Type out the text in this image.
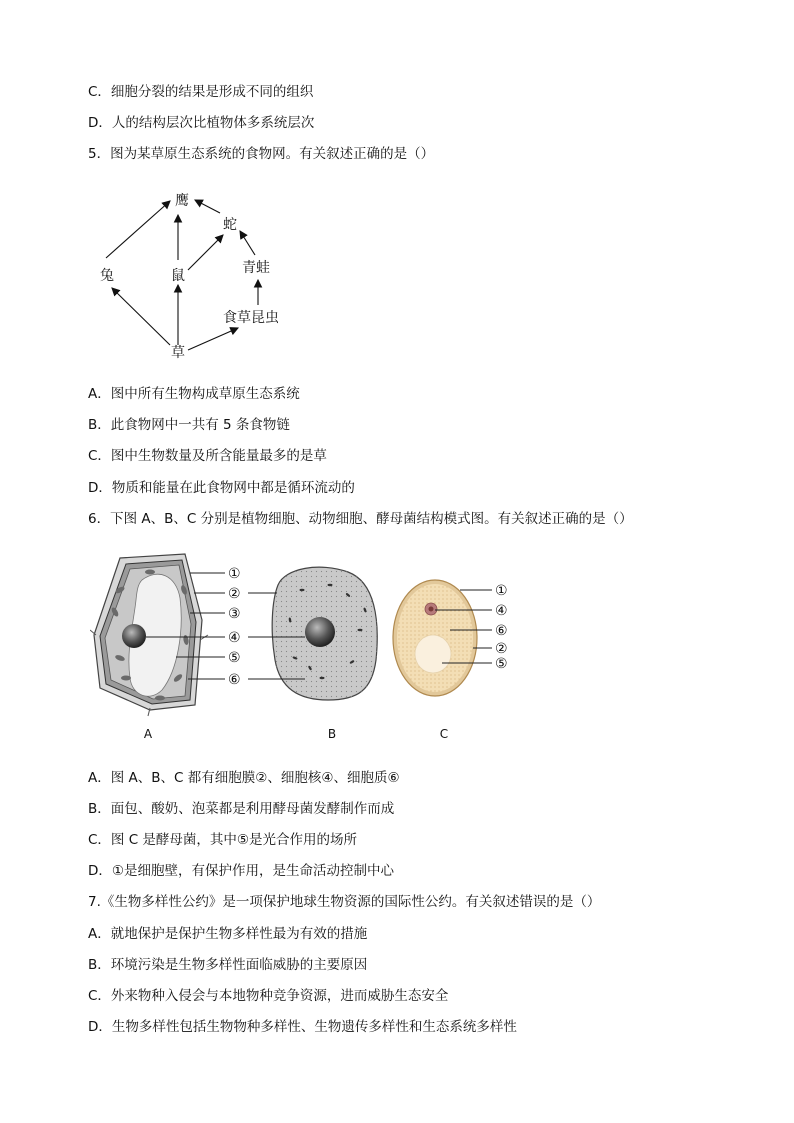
C．细胞分裂的结果是形成不同的组织
D．人的结构层次比植物体多系统层次
5．图为某草原生态系统的食物网。有关叙述正确的是（）
鹰
蛇
兔	鼠	青蛙
食草昆虫
草
A．图中所有生物构成草原生态系统
B．此食物网中一共有 5 条食物链
C．图中生物数量及所含能量最多的是草
D．物质和能量在此食物网中都是循环流动的
6．下图 A、B、C 分别是植物细胞、动物细胞、酵母菌结构模式图。有关叙述正确的是（）
①
②
③
④
⑤
⑥
①
④
⑥
②
⑤
A	B	C
A．图 A、B、C 都有细胞膜②、细胞核④、细胞质⑥
B．面包、酸奶、泡菜都是利用酵母菌发酵制作而成
C．图 C 是酵母菌，其中⑤是光合作用的场所
D．①是细胞壁，有保护作用，是生命活动控制中心
7.《生物多样性公约》是一项保护地球生物资源的国际性公约。有关叙述错误的是（）
A．就地保护是保护生物多样性最为有效的措施
B．环境污染是生物多样性面临威胁的主要原因
C．外来物种入侵会与本地物种竞争资源，进而威胁生态安全
D．生物多样性包括生物物种多样性、生物遗传多样性和生态系统多样性
